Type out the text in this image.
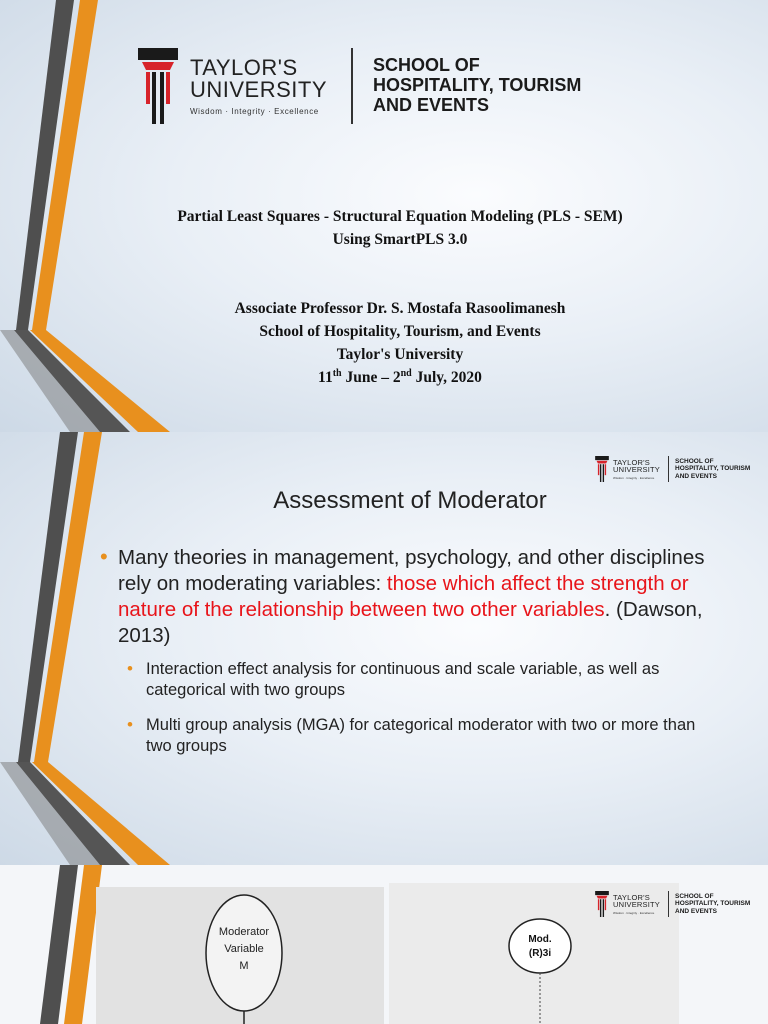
TAYLOR'S
UNIVERSITY
Wisdom · Integrity · Excellence
SCHOOL OF
HOSPITALITY, TOURISM
AND EVENTS
Partial Least Squares - Structural Equation Modeling (PLS - SEM)
Using SmartPLS 3.0
Associate Professor Dr. S. Mostafa Rasoolimanesh
School of Hospitality, Tourism, and Events
Taylor's University
11th June – 2nd July, 2020
TAYLOR'S
UNIVERSITY
Wisdom · Integrity · Excellence
SCHOOL OF
HOSPITALITY, TOURISM
AND EVENTS
Assessment of Moderator
• Many theories in management, psychology, and other disciplines rely on moderating variables: those which affect the strength or nature of the relationship between two other variables. (Dawson, 2013)
• Interaction effect analysis for continuous and scale variable, as well as categorical with two groups
• Multi group analysis (MGA) for categorical moderator with two or more than two groups
Moderator
Variable
M
Mod.
(R)3i
TAYLOR'S
UNIVERSITY
Wisdom · Integrity · Excellence
SCHOOL OF
HOSPITALITY, TOURISM
AND EVENTS
